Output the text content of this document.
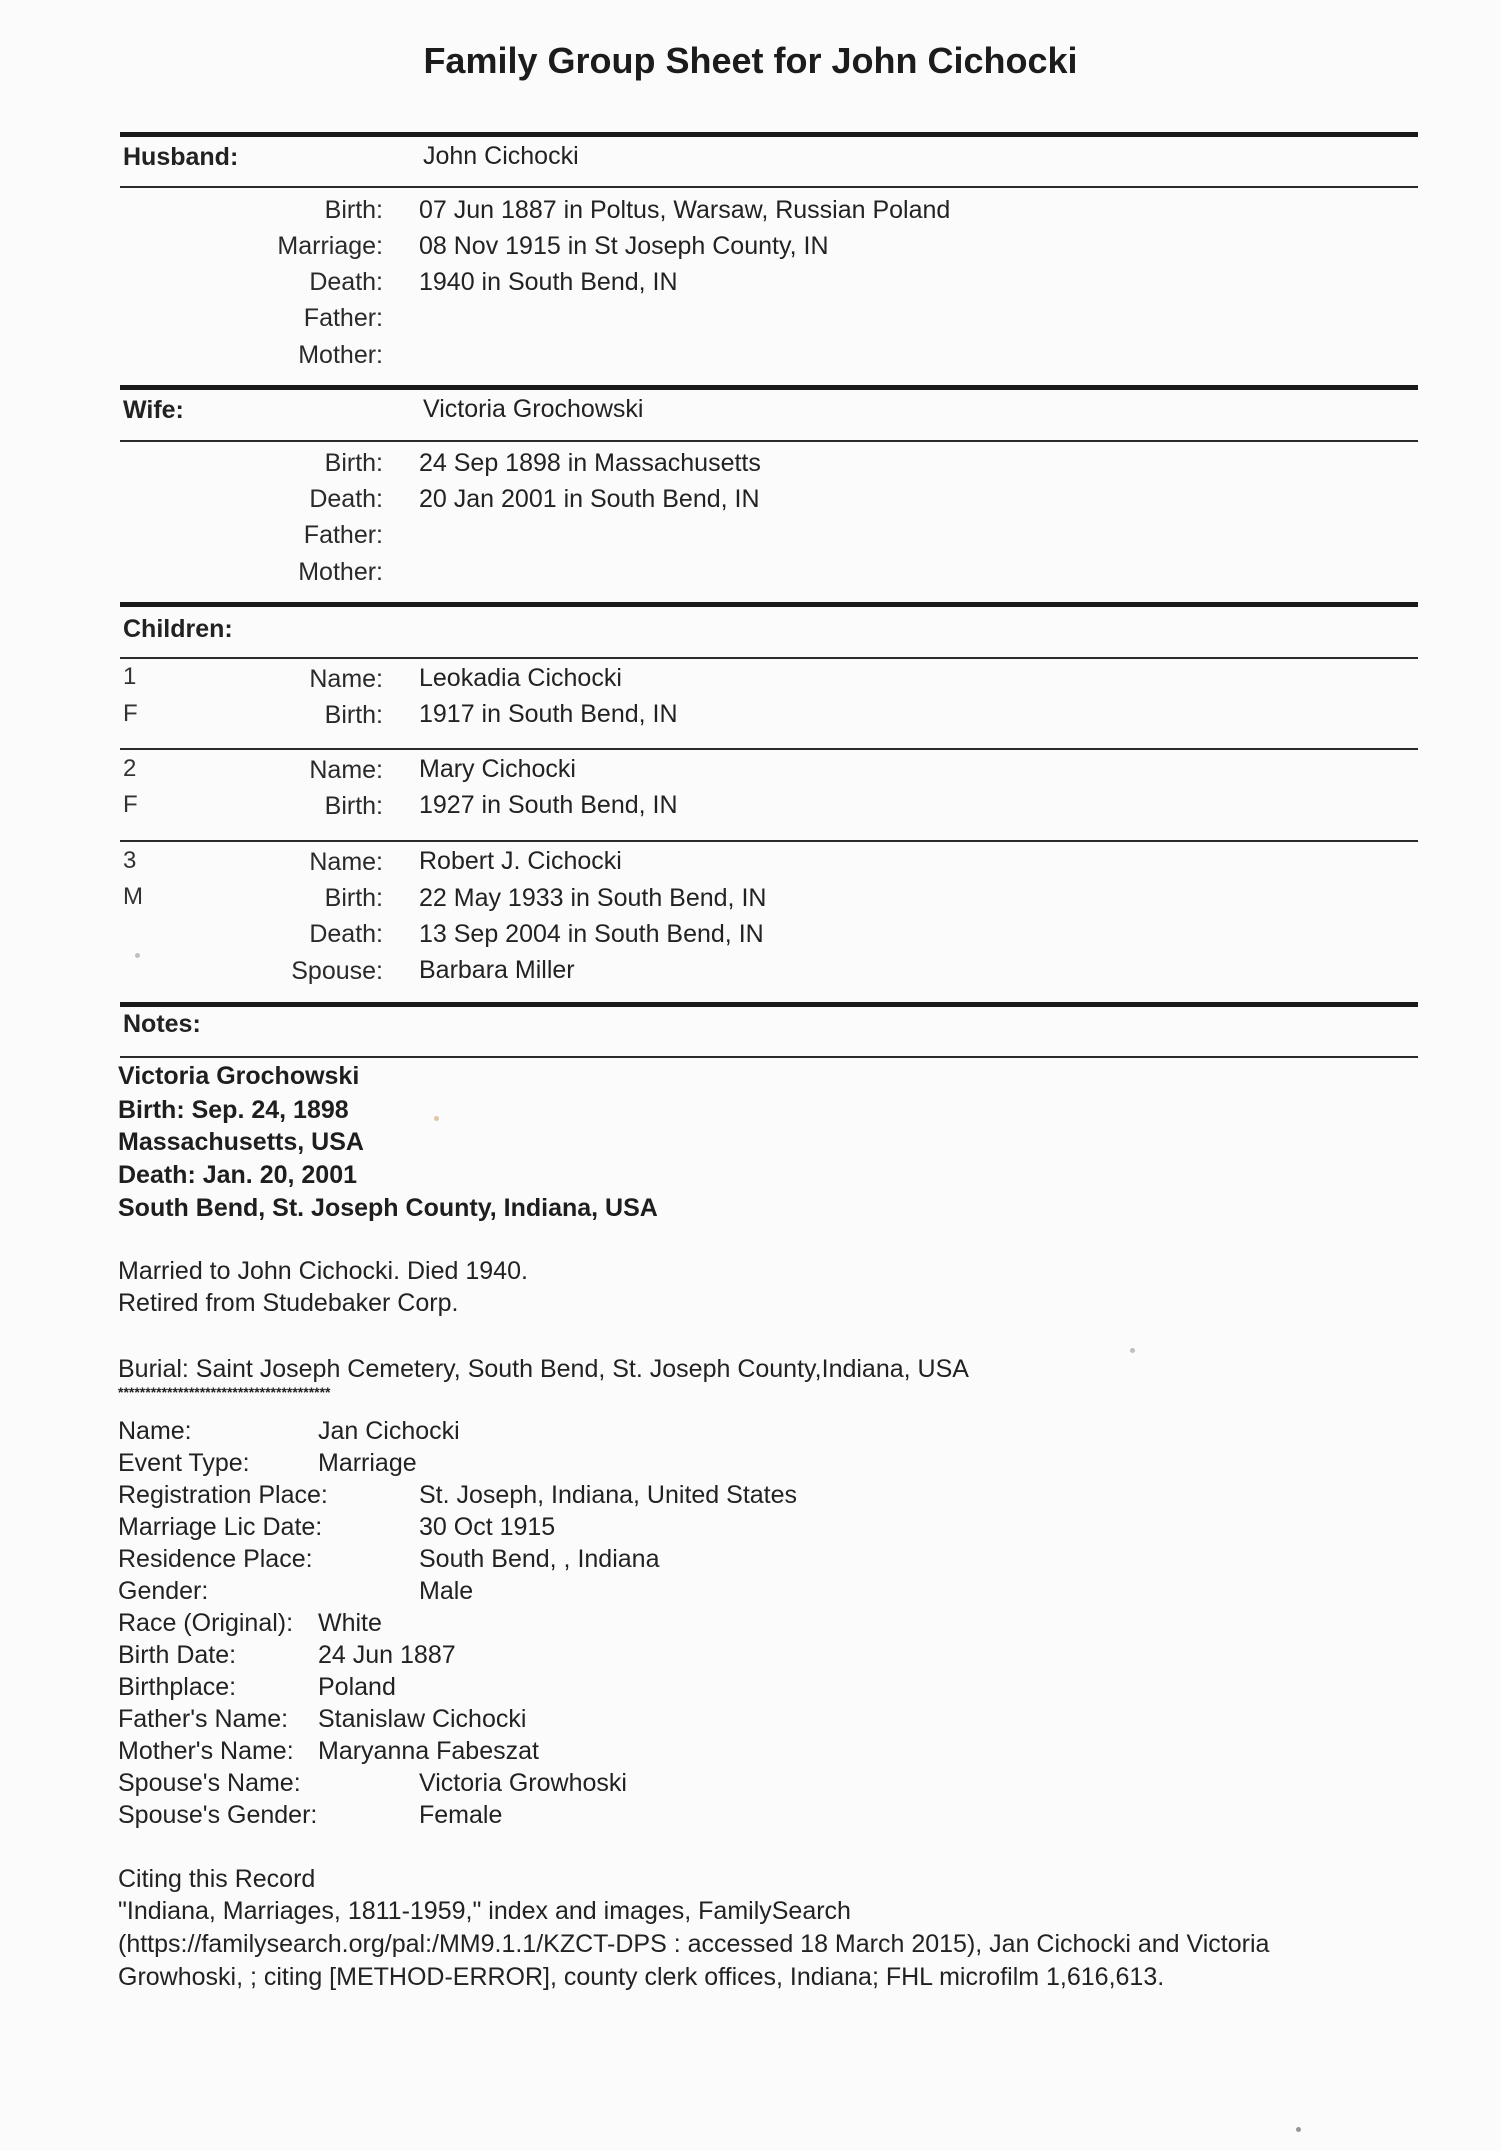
Family Group Sheet for John Cichocki
Husband:	John Cichocki
Birth: 07 Jun 1887 in Poltus, Warsaw, Russian Poland
Marriage: 08 Nov 1915 in St Joseph County, IN
Death: 1940 in South Bend, IN
Father:
Mother:
Wife:	Victoria Grochowski
Birth: 24 Sep 1898 in Massachusetts
Death: 20 Jan 2001 in South Bend, IN
Father:
Mother:
Children:
1
F
Name: Leokadia Cichocki
Birth: 1917 in South Bend, IN
2
F
Name: Mary Cichocki
Birth: 1927 in South Bend, IN
3
M
Name: Robert J. Cichocki
Birth: 22 May 1933 in South Bend, IN
Death: 13 Sep 2004 in South Bend, IN
Spouse: Barbara Miller
Notes:
Victoria Grochowski
Birth: Sep. 24, 1898
Massachusetts, USA
Death: Jan. 20, 2001
South Bend, St. Joseph County, Indiana, USA
Married to John Cichocki. Died 1940.
Retired from Studebaker Corp.
Burial: Saint Joseph Cemetery, South Bend, St. Joseph County,Indiana, USA
***************************************
Name:	Jan Cichocki
Event Type:	Marriage
Registration Place:	St. Joseph, Indiana, United States
Marriage Lic Date:	30 Oct 1915
Residence Place:	South Bend, , Indiana
Gender:	Male
Race (Original): White
Birth Date:	24 Jun 1887
Birthplace:	Poland
Father's Name: Stanislaw Cichocki
Mother's Name: Maryanna Fabeszat
Spouse's Name:	Victoria Growhoski
Spouse's Gender:	Female
Citing this Record
"Indiana, Marriages, 1811-1959," index and images, FamilySearch
(https://familysearch.org/pal:/MM9.1.1/KZCT-DPS : accessed 18 March 2015), Jan Cichocki and Victoria
Growhoski, ; citing [METHOD-ERROR], county clerk offices, Indiana; FHL microfilm 1,616,613.
